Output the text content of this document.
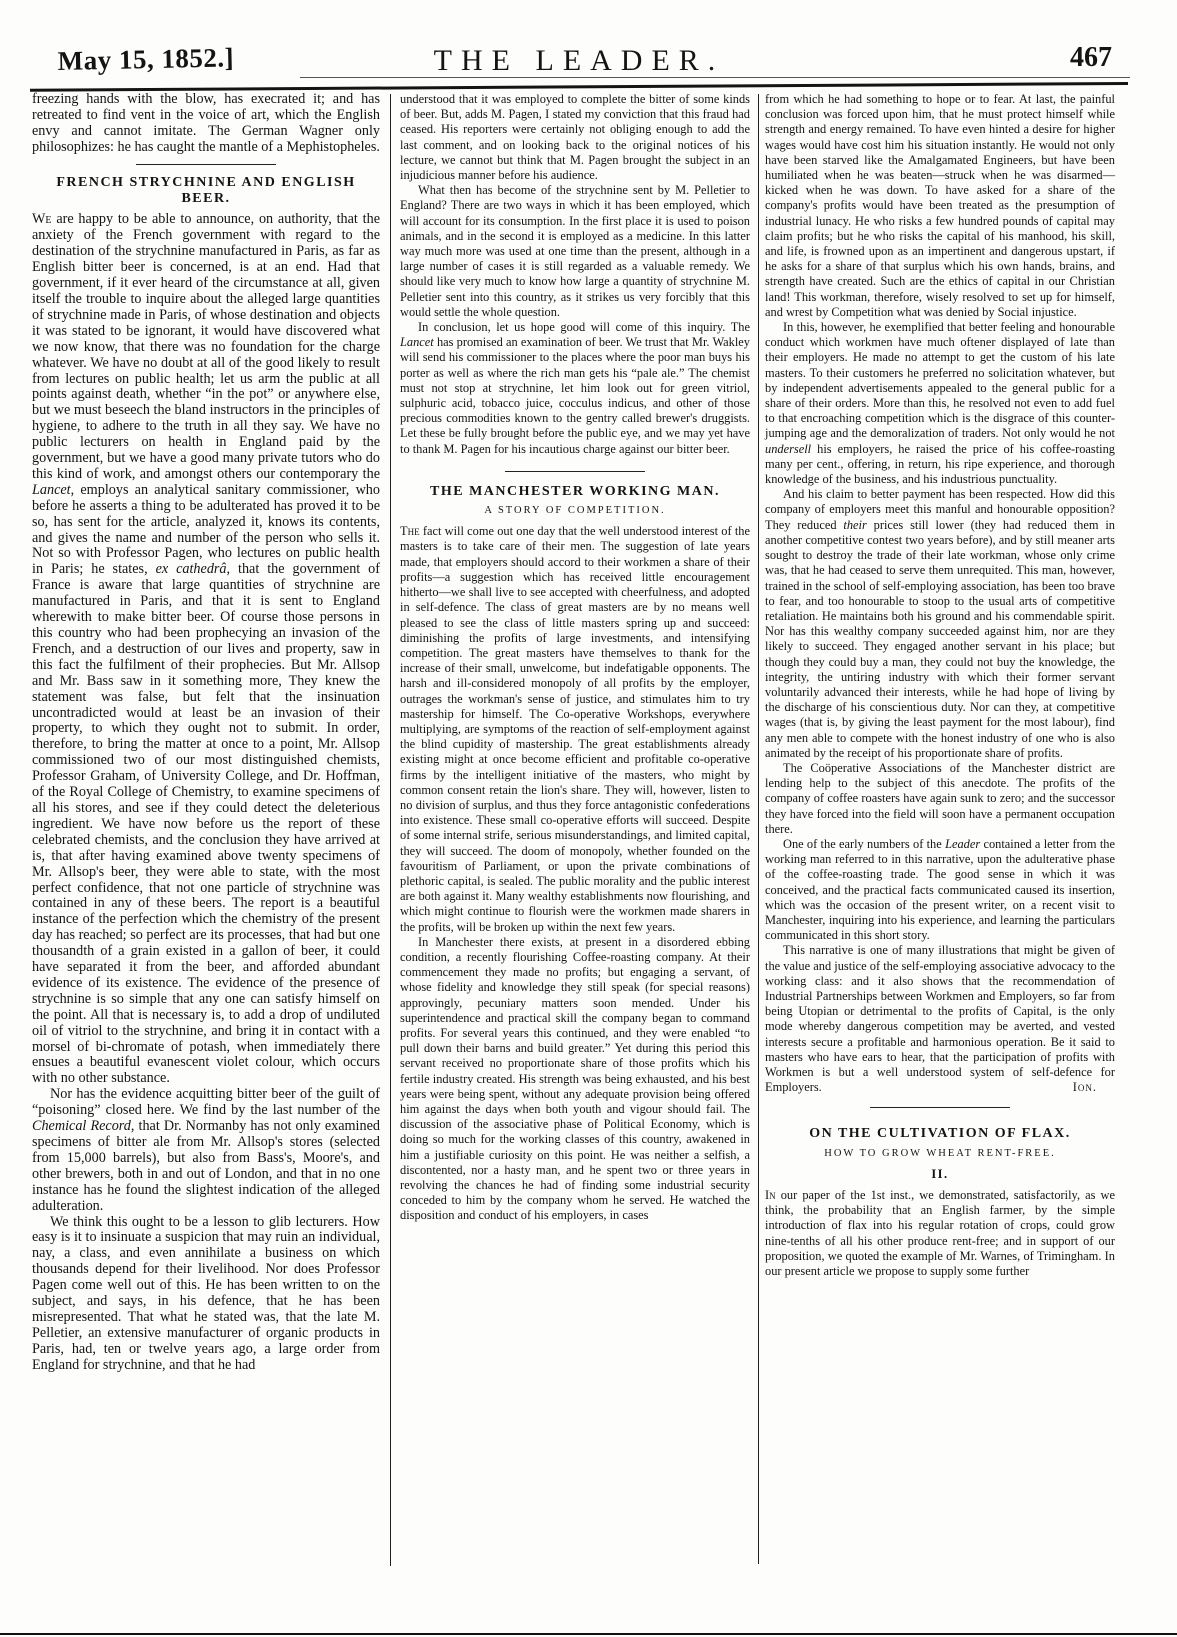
May 15, 1852.]	THE LEADER.	467

freezing hands with the blow, has execrated it; and has retreated to find vent in the voice of art, which the English envy and cannot imitate. The German Wagner only philosophizes: he has caught the mantle of a Mephistopheles.

FRENCH STRYCHNINE AND ENGLISH BEER.

We are happy to be able to announce, on authority, that the anxiety of the French government with regard to the destination of the strychnine manufactured in Paris, as far as English bitter beer is concerned, is at an end. Had that government, if it ever heard of the circumstance at all, given itself the trouble to inquire about the alleged large quantities of strychnine made in Paris, of whose destination and objects it was stated to be ignorant, it would have discovered what we now know, that there was no foundation for the charge whatever. We have no doubt at all of the good likely to result from lectures on public health; let us arm the public at all points against death, whether “in the pot” or anywhere else, but we must beseech the bland instructors in the principles of hygiene, to adhere to the truth in all they say. We have no public lecturers on health in England paid by the government, but we have a good many private tutors who do this kind of work, and amongst others our contemporary the Lancet, employs an analytical sanitary commissioner, who before he asserts a thing to be adulterated has proved it to be so, has sent for the article, analyzed it, knows its contents, and gives the name and number of the person who sells it. Not so with Professor Pagen, who lectures on public health in Paris; he states, ex cathedrâ, that the government of France is aware that large quantities of strychnine are manufactured in Paris, and that it is sent to England wherewith to make bitter beer. Of course those persons in this country who had been prophecying an invasion of the French, and a destruction of our lives and property, saw in this fact the fulfilment of their prophecies. But Mr. Allsop and Mr. Bass saw in it something more, They knew the statement was false, but felt that the insinuation uncontradicted would at least be an invasion of their property, to which they ought not to submit. In order, therefore, to bring the matter at once to a point, Mr. Allsop commissioned two of our most distinguished chemists, Professor Graham, of University College, and Dr. Hoffman, of the Royal College of Chemistry, to examine specimens of all his stores, and see if they could detect the deleterious ingredient. We have now before us the report of these celebrated chemists, and the conclusion they have arrived at is, that after having examined above twenty specimens of Mr. Allsop's beer, they were able to state, with the most perfect confidence, that not one particle of strychnine was contained in any of these beers. The report is a beautiful instance of the perfection which the chemistry of the present day has reached; so perfect are its processes, that had but one thousandth of a grain existed in a gallon of beer, it could have separated it from the beer, and afforded abundant evidence of its existence. The evidence of the presence of strychnine is so simple that any one can satisfy himself on the point. All that is necessary is, to add a drop of undiluted oil of vitriol to the strychnine, and bring it in contact with a morsel of bi-chromate of potash, when immediately there ensues a beautiful evanescent violet colour, which occurs with no other substance.

Nor has the evidence acquitting bitter beer of the guilt of “poisoning” closed here. We find by the last number of the Chemical Record, that Dr. Normanby has not only examined specimens of bitter ale from Mr. Allsop's stores (selected from 15,000 barrels), but also from Bass's, Moore's, and other brewers, both in and out of London, and that in no one instance has he found the slightest indication of the alleged adulteration.

We think this ought to be a lesson to glib lecturers. How easy is it to insinuate a suspicion that may ruin an individual, nay, a class, and even annihilate a business on which thousands depend for their livelihood. Nor does Professor Pagen come well out of this. He has been written to on the subject, and says, in his defence, that he has been misrepresented. That what he stated was, that the late M. Pelletier, an extensive manufacturer of organic products in Paris, had, ten or twelve years ago, a large order from England for strychnine, and that he had

understood that it was employed to complete the bitter of some kinds of beer. But, adds M. Pagen, I stated my conviction that this fraud had ceased. His reporters were certainly not obliging enough to add the last comment, and on looking back to the original notices of his lecture, we cannot but think that M. Pagen brought the subject in an injudicious manner before his audience.

What then has become of the strychnine sent by M. Pelletier to England? There are two ways in which it has been employed, which will account for its consumption. In the first place it is used to poison animals, and in the second it is employed as a medicine. In this latter way much more was used at one time than the present, although in a large number of cases it is still regarded as a valuable remedy. We should like very much to know how large a quantity of strychnine M. Pelletier sent into this country, as it strikes us very forcibly that this would settle the whole question.

In conclusion, let us hope good will come of this inquiry. The Lancet has promised an examination of beer. We trust that Mr. Wakley will send his commissioner to the places where the poor man buys his porter as well as where the rich man gets his “pale ale.” The chemist must not stop at strychnine, let him look out for green vitriol, sulphuric acid, tobacco juice, cocculus indicus, and other of those precious commodities known to the gentry called brewer's druggists. Let these be fully brought before the public eye, and we may yet have to thank M. Pagen for his incautious charge against our bitter beer.

THE MANCHESTER WORKING MAN.
A STORY OF COMPETITION.

The fact will come out one day that the well understood interest of the masters is to take care of their men. The suggestion of late years made, that employers should accord to their workmen a share of their profits—a suggestion which has received little encouragement hitherto—we shall live to see accepted with cheerfulness, and adopted in self-defence. The class of great masters are by no means well pleased to see the class of little masters spring up and succeed: diminishing the profits of large investments, and intensifying competition. The great masters have themselves to thank for the increase of their small, unwelcome, but indefatigable opponents. The harsh and ill-considered monopoly of all profits by the employer, outrages the workman's sense of justice, and stimulates him to try mastership for himself. The Co-operative Workshops, everywhere multiplying, are symptoms of the reaction of self-employment against the blind cupidity of mastership. The great establishments already existing might at once become efficient and profitable co-operative firms by the intelligent initiative of the masters, who might by common consent retain the lion's share. They will, however, listen to no division of surplus, and thus they force antagonistic confederations into existence. These small co-operative efforts will succeed. Despite of some internal strife, serious misunderstandings, and limited capital, they will succeed. The doom of monopoly, whether founded on the favouritism of Parliament, or upon the private combinations of plethoric capital, is sealed. The public morality and the public interest are both against it. Many wealthy establishments now flourishing, and which might continue to flourish were the workmen made sharers in the profits, will be broken up within the next few years.

In Manchester there exists, at present in a disordered ebbing condition, a recently flourishing Coffee-roasting company. At their commencement they made no profits; but engaging a servant, of whose fidelity and knowledge they still speak (for special reasons) approvingly, pecuniary matters soon mended. Under his superintendence and practical skill the company began to command profits. For several years this continued, and they were enabled “to pull down their barns and build greater.” Yet during this period this servant received no proportionate share of those profits which his fertile industry created. His strength was being exhausted, and his best years were being spent, without any adequate provision being offered him against the days when both youth and vigour should fail. The discussion of the associative phase of Political Economy, which is doing so much for the working classes of this country, awakened in him a justifiable curiosity on this point. He was neither a selfish, a discontented, nor a hasty man, and he spent two or three years in revolving the chances he had of finding some industrial security conceded to him by the company whom he served. He watched the disposition and conduct of his employers, in cases

from which he had something to hope or to fear. At last, the painful conclusion was forced upon him, that he must protect himself while strength and energy remained. To have even hinted a desire for higher wages would have cost him his situation instantly. He would not only have been starved like the Amalgamated Engineers, but have been humiliated when he was beaten—struck when he was disarmed—kicked when he was down. To have asked for a share of the company's profits would have been treated as the presumption of industrial lunacy. He who risks a few hundred pounds of capital may claim profits; but he who risks the capital of his manhood, his skill, and life, is frowned upon as an impertinent and dangerous upstart, if he asks for a share of that surplus which his own hands, brains, and strength have created. Such are the ethics of capital in our Christian land! This workman, therefore, wisely resolved to set up for himself, and wrest by Competition what was denied by Social injustice.

In this, however, he exemplified that better feeling and honourable conduct which workmen have much oftener displayed of late than their employers. He made no attempt to get the custom of his late masters. To their customers he preferred no solicitation whatever, but by independent advertisements appealed to the general public for a share of their orders. More than this, he resolved not even to add fuel to that encroaching competition which is the disgrace of this counter-jumping age and the demoralization of traders. Not only would he not undersell his employers, he raised the price of his coffee-roasting many per cent., offering, in return, his ripe experience, and thorough knowledge of the business, and his industrious punctuality.

And his claim to better payment has been respected. How did this company of employers meet this manful and honourable opposition? They reduced their prices still lower (they had reduced them in another competitive contest two years before), and by still meaner arts sought to destroy the trade of their late workman, whose only crime was, that he had ceased to serve them unrequited. This man, however, trained in the school of self-employing association, has been too brave to fear, and too honourable to stoop to the usual arts of competitive retaliation. He maintains both his ground and his commendable spirit. Nor has this wealthy company succeeded against him, nor are they likely to succeed. They engaged another servant in his place; but though they could buy a man, they could not buy the knowledge, the integrity, the untiring industry with which their former servant voluntarily advanced their interests, while he had hope of living by the discharge of his conscientious duty. Nor can they, at competitive wages (that is, by giving the least payment for the most labour), find any men able to compete with the honest industry of one who is also animated by the receipt of his proportionate share of profits.

The Coöperative Associations of the Manchester district are lending help to the subject of this anecdote. The profits of the company of coffee roasters have again sunk to zero; and the successor they have forced into the field will soon have a permanent occupation there.

One of the early numbers of the Leader contained a letter from the working man referred to in this narrative, upon the adulterative phase of the coffee-roasting trade. The good sense in which it was conceived, and the practical facts communicated caused its insertion, which was the occasion of the present writer, on a recent visit to Manchester, inquiring into his experience, and learning the particulars communicated in this short story.

This narrative is one of many illustrations that might be given of the value and justice of the self-employing associative advocacy to the working class: and it also shows that the recommendation of Industrial Partnerships between Workmen and Employers, so far from being Utopian or detrimental to the profits of Capital, is the only mode whereby dangerous competition may be averted, and vested interests secure a profitable and harmonious operation. Be it said to masters who have ears to hear, that the participation of profits with Workmen is but a well understood system of self-defence for Employers.	Ion.

ON THE CULTIVATION OF FLAX.
HOW TO GROW WHEAT RENT-FREE.
II.

In our paper of the 1st inst., we demonstrated, satisfactorily, as we think, the probability that an English farmer, by the simple introduction of flax into his regular rotation of crops, could grow nine-tenths of all his other produce rent-free; and in support of our proposition, we quoted the example of Mr. Warnes, of Trimingham. In our present article we propose to supply some further
